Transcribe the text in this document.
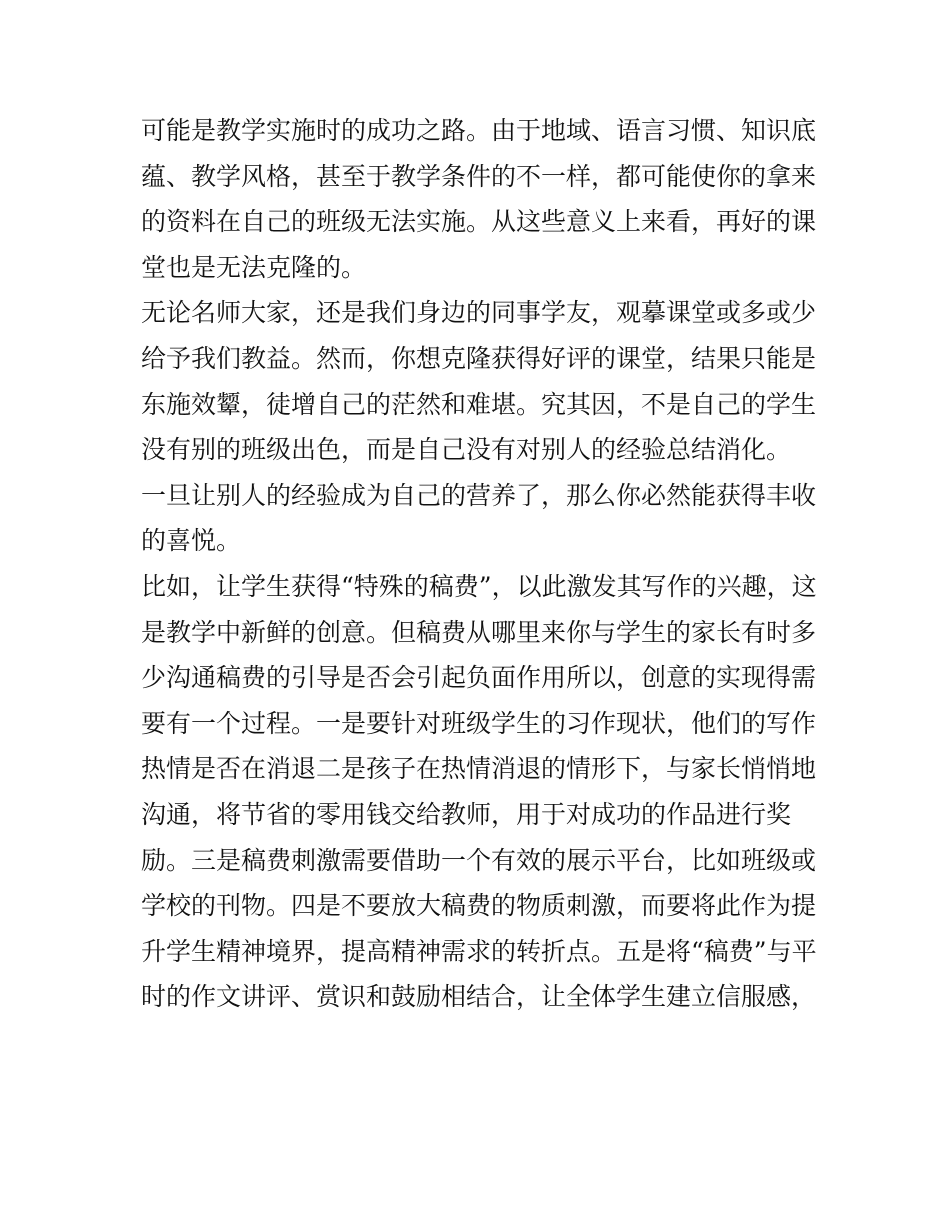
可能是教学实施时的成功之路。由于地域、语言习惯、知识底
蕴、教学风格，甚至于教学条件的不一样，都可能使你的拿来
的资料在自己的班级无法实施。从这些意义上来看，再好的课
堂也是无法克隆的。
无论名师大家，还是我们身边的同事学友，观摹课堂或多或少
给予我们教益。然而，你想克隆获得好评的课堂，结果只能是
东施效颦，徒增自己的茫然和难堪。究其因，不是自己的学生
没有别的班级出色，而是自己没有对别人的经验总结消化。
一旦让别人的经验成为自己的营养了，那么你必然能获得丰收
的喜悦。
比如，让学生获得“特殊的稿费”，以此激发其写作的兴趣，这
是教学中新鲜的创意。但稿费从哪里来你与学生的家长有时多
少沟通稿费的引导是否会引起负面作用所以，创意的实现得需
要有一个过程。一是要针对班级学生的习作现状，他们的写作
热情是否在消退二是孩子在热情消退的情形下，与家长悄悄地
沟通，将节省的零用钱交给教师，用于对成功的作品进行奖
励。三是稿费刺激需要借助一个有效的展示平台，比如班级或
学校的刊物。四是不要放大稿费的物质刺激，而要将此作为提
升学生精神境界，提高精神需求的转折点。五是将“稿费”与平
时的作文讲评、赏识和鼓励相结合，让全体学生建立信服感，
